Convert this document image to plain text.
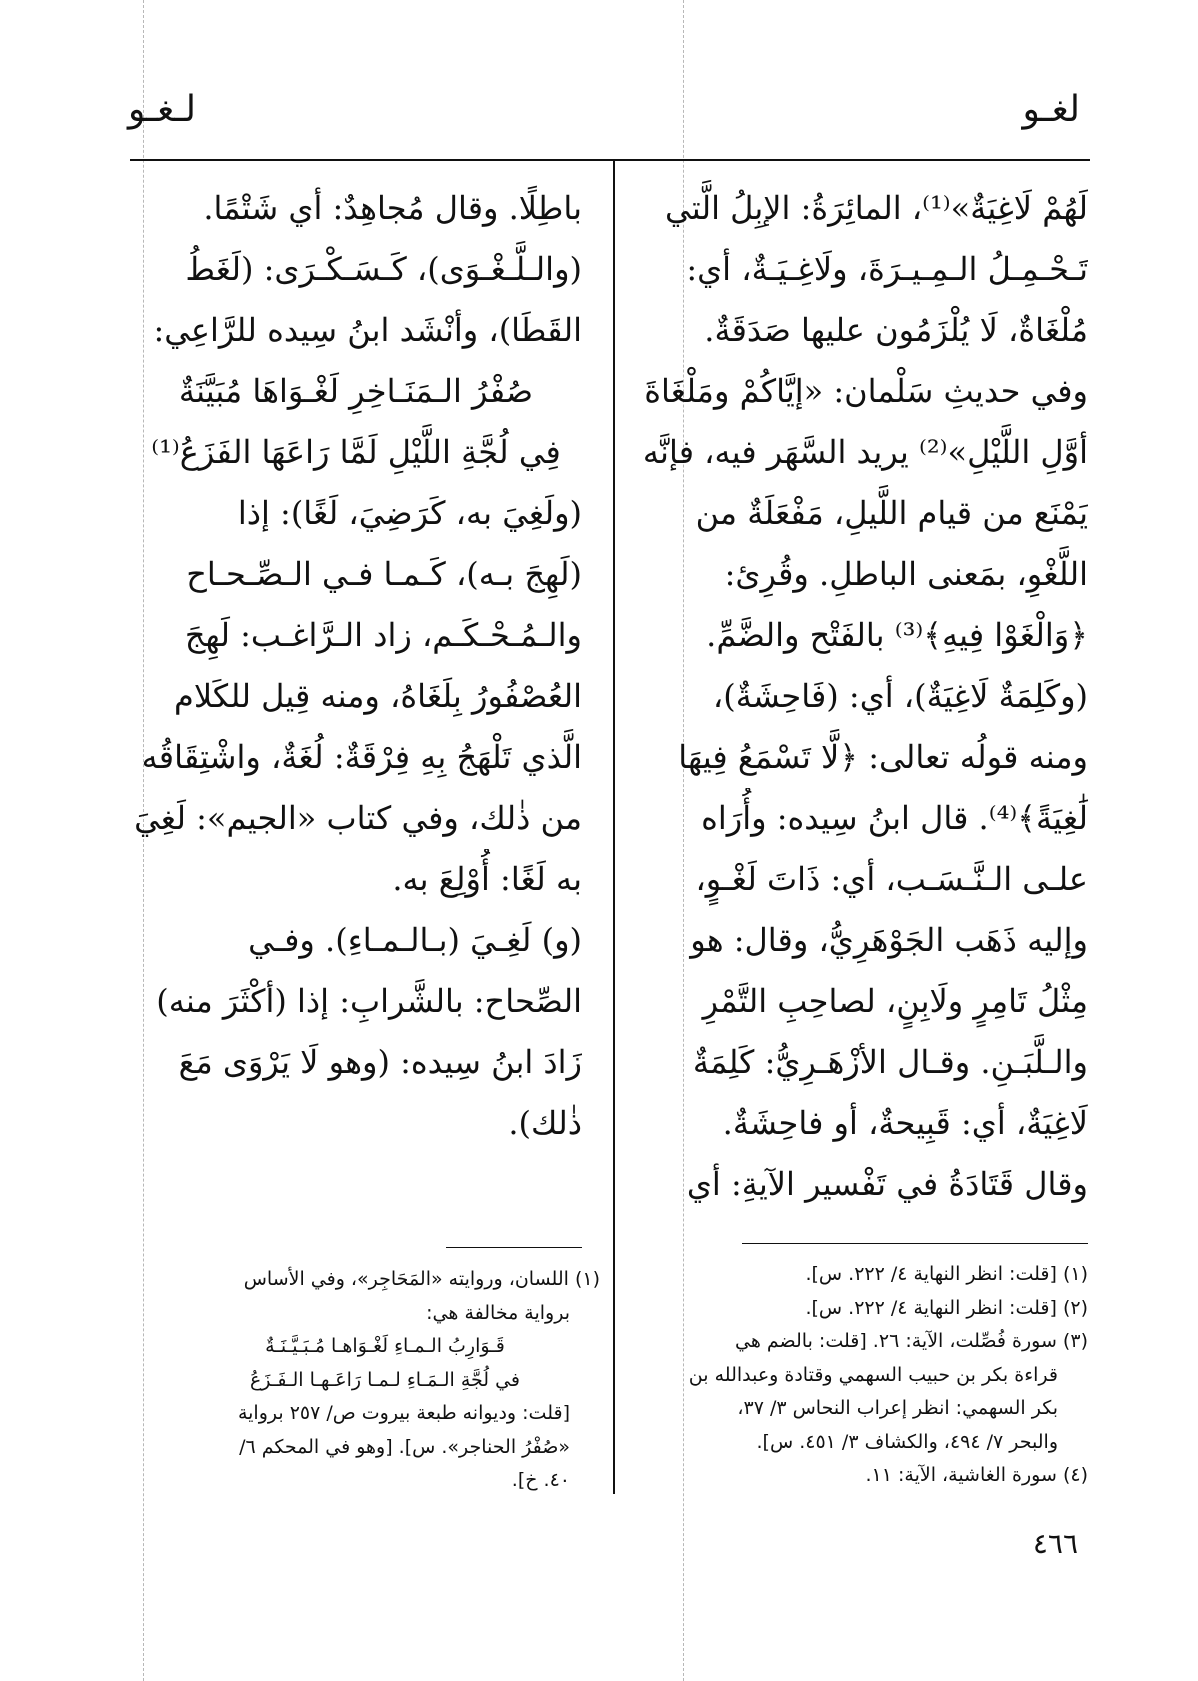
لغـو
لـغـو
لَهُمْ لَاغِيَةٌ»⁽¹⁾، المائِرَةُ: الإبِلُ الَّتي
تَـحْـمِـلُ الـمِـيـرَةَ، ولَاغِـيَـةٌ، أي:
مُلْغَاةٌ، لَا يُلْزَمُون عليها صَدَقَةٌ.
وفي حديثِ سَلْمان: «إيَّاكُمْ ومَلْغَاةَ
أوَّلِ اللَّيْلِ»⁽²⁾ يريد السَّهَر فيه، فإنَّه
يَمْنَع من قيام اللَّيلِ، مَفْعَلَةٌ من
اللَّغْوِ، بمَعنى الباطلِ. وقُرِئ:
﴿وَالْغَوْا فِيهِ﴾⁽³⁾ بالفَتْح والضَّمِّ.
(وكَلِمَةٌ لَاغِيَةٌ)، أي: (فَاحِشَةٌ)،
ومنه قولُه تعالى: ﴿لَّا تَسْمَعُ فِيهَا
لَٰغِيَةً﴾⁽⁴⁾. قال ابنُ سِيده: وأُرَاه
علـى الـنَّـسَـب، أي: ذَاتَ لَغْـوٍ،
وإليه ذَهَب الجَوْهَرِيُّ، وقال: هو
مِثْلُ تَامِرٍ ولَابِنٍ، لصاحِبِ التَّمْرِ
والـلَّبَـنِ. وقـال الأزْهَـرِيُّ: كَلِمَةٌ
لَاغِيَةٌ، أي: قَبِيحةٌ، أو فاحِشَةٌ.
وقال قَتَادَةُ في تَفْسير الآيةِ: أي
باطِلًا. وقال مُجاهِدٌ: أي شَتْمًا.
(والـلَّـغْـوَى)، كَـسَـكْـرَى: (لَغَطُ
القَطَا)، وأنْشَد ابنُ سِيده للرَّاعِي:
صُفْرُ الـمَنَـاخِرِ لَغْـوَاهَا مُبَيَّنَةٌ
فِي لُجَّةِ اللَّيْلِ لَمَّا رَاعَهَا الفَزَعُ⁽¹⁾
(ولَغِيَ به، كَرَضِيَ، لَغًا): إذا
(لَهِجَ بـه)، كَـمـا فـي الـصِّـحـاح
والـمُـحْـكَـم، زاد الـرَّاغـب: لَهِجَ
العُصْفُورُ بِلَغَاهُ، ومنه قِيل للكَلام
الَّذي تَلْهَجُ بِهِ فِرْقَةٌ: لُغَةٌ، واشْتِقَاقُه
من ذٰلك، وفي كتاب «الجيم»: لَغِيَ
به لَغًا: أُوْلِعَ به.
(و) لَغِـيَ (بـالـمـاءِ). وفـي
الصِّحاح: بالشَّرابِ: إذا (أكْثَرَ منه)
زَادَ ابنُ سِيده: (وهو لَا يَرْوَى مَعَ
ذٰلك).
(١) [قلت: انظر النهاية ٤/ ٢٢٢. س].
(٢) [قلت: انظر النهاية ٤/ ٢٢٢. س].
(٣) سورة فُصِّلت، الآية: ٢٦. [قلت: بالضم هي
قراءة بكر بن حبيب السهمي وقتادة وعبدالله بن
بكر السهمي: انظر إعراب النحاس ٣/ ٣٧،
والبحر ٧/ ٤٩٤، والكشاف ٣/ ٤٥١. س].
(٤) سورة الغاشية، الآية: ١١.
(١) اللسان، وروايته «المَحَاجِر»، وفي الأساس
برواية مخالفة هي:
قَـوَارِبُ الـمـاءِ لَغْـوَاهـا مُـبَـيَّـنَـةٌ
في لُجَّةِ الـمَـاءِ لـمـا رَاعَـهـا الـفَـزَعُ
[قلت: وديوانه طبعة بيروت ص/ ٢٥٧ برواية
«صُفْرُ الحناجر». س]. [وهو في المحكم ٦/
٤٠. خ].
٤٦٦
